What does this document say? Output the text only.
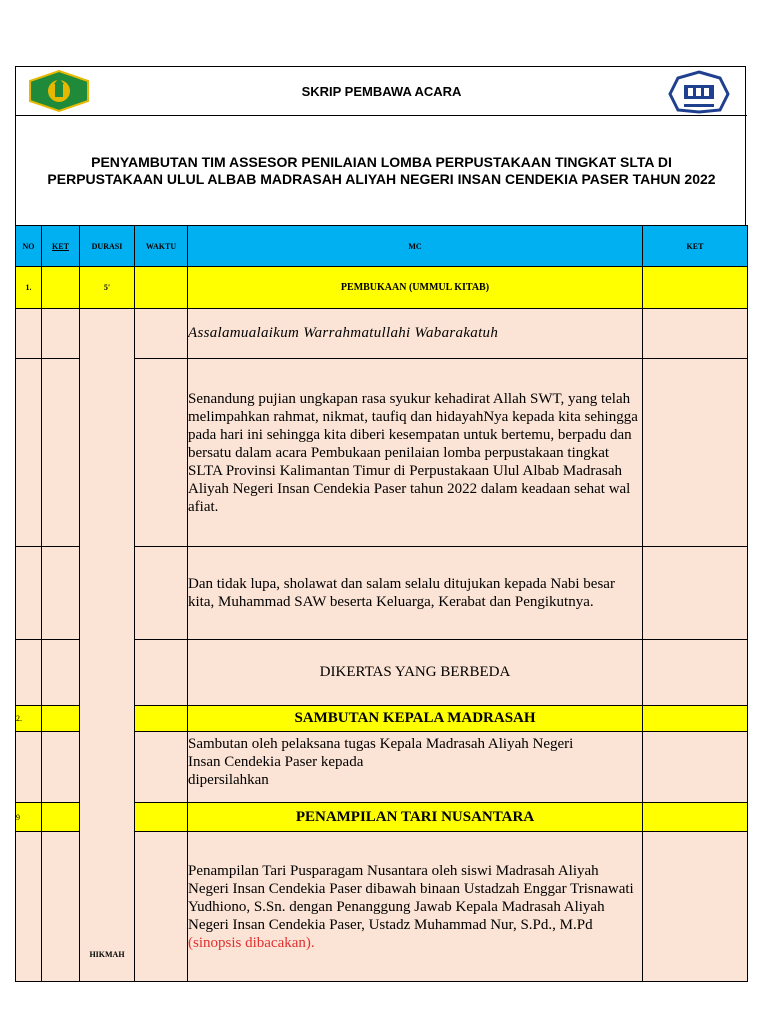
SKRIP PEMBAWA ACARA
PENYAMBUTAN TIM ASSESOR PENILAIAN LOMBA PERPUSTAKAAN TINGKAT SLTA DI
PERPUSTAKAAN ULUL ALBAB MADRASAH ALIYAH NEGERI INSAN CENDEKIA PASER TAHUN 2022
NO	KET	DURASI	WAKTU	MC	KET
1.		5'		PEMBUKAAN (UMMUL KITAB)	
		HIKMAH		Assalamualaikum Warrahmatullahi Wabarakatuh	
				Senandung pujian ungkapan rasa syukur kehadirat Allah SWT, yang telah melimpahkan rahmat, nikmat, taufiq dan hidayahNya kepada kita sehingga pada hari ini sehingga kita diberi kesempatan untuk bertemu, berpadu dan bersatu dalam acara Pembukaan penilaian lomba perpustakaan tingkat SLTA Provinsi Kalimantan Timur di Perpustakaan Ulul Albab Madrasah Aliyah Negeri Insan Cendekia Paser tahun 2022 dalam keadaan sehat wal afiat.	
				Dan tidak lupa, sholawat dan salam selalu ditujukan kepada Nabi besar kita, Muhammad SAW beserta Keluarga, Kerabat dan Pengikutnya.	
				DIKERTAS YANG BERBEDA	
2.				SAMBUTAN KEPALA MADRASAH	

				Sambutan oleh pelaksana tugas Kepala Madrasah Aliyah Negeri
Insan Cendekia Paser kepada
dipersilahkan	

9				PENAMPILAN TARI NUSANTARA	
				Penampilan Tari Pusparagam Nusantara oleh siswi Madrasah Aliyah Negeri Insan Cendekia Paser dibawah binaan Ustadzah Enggar Trisnawati Yudhiono, S.Sn. dengan Penanggung Jawab Kepala Madrasah Aliyah Negeri Insan Cendekia Paser, Ustadz Muhammad Nur, S.Pd., M.Pd (sinopsis dibacakan).	
